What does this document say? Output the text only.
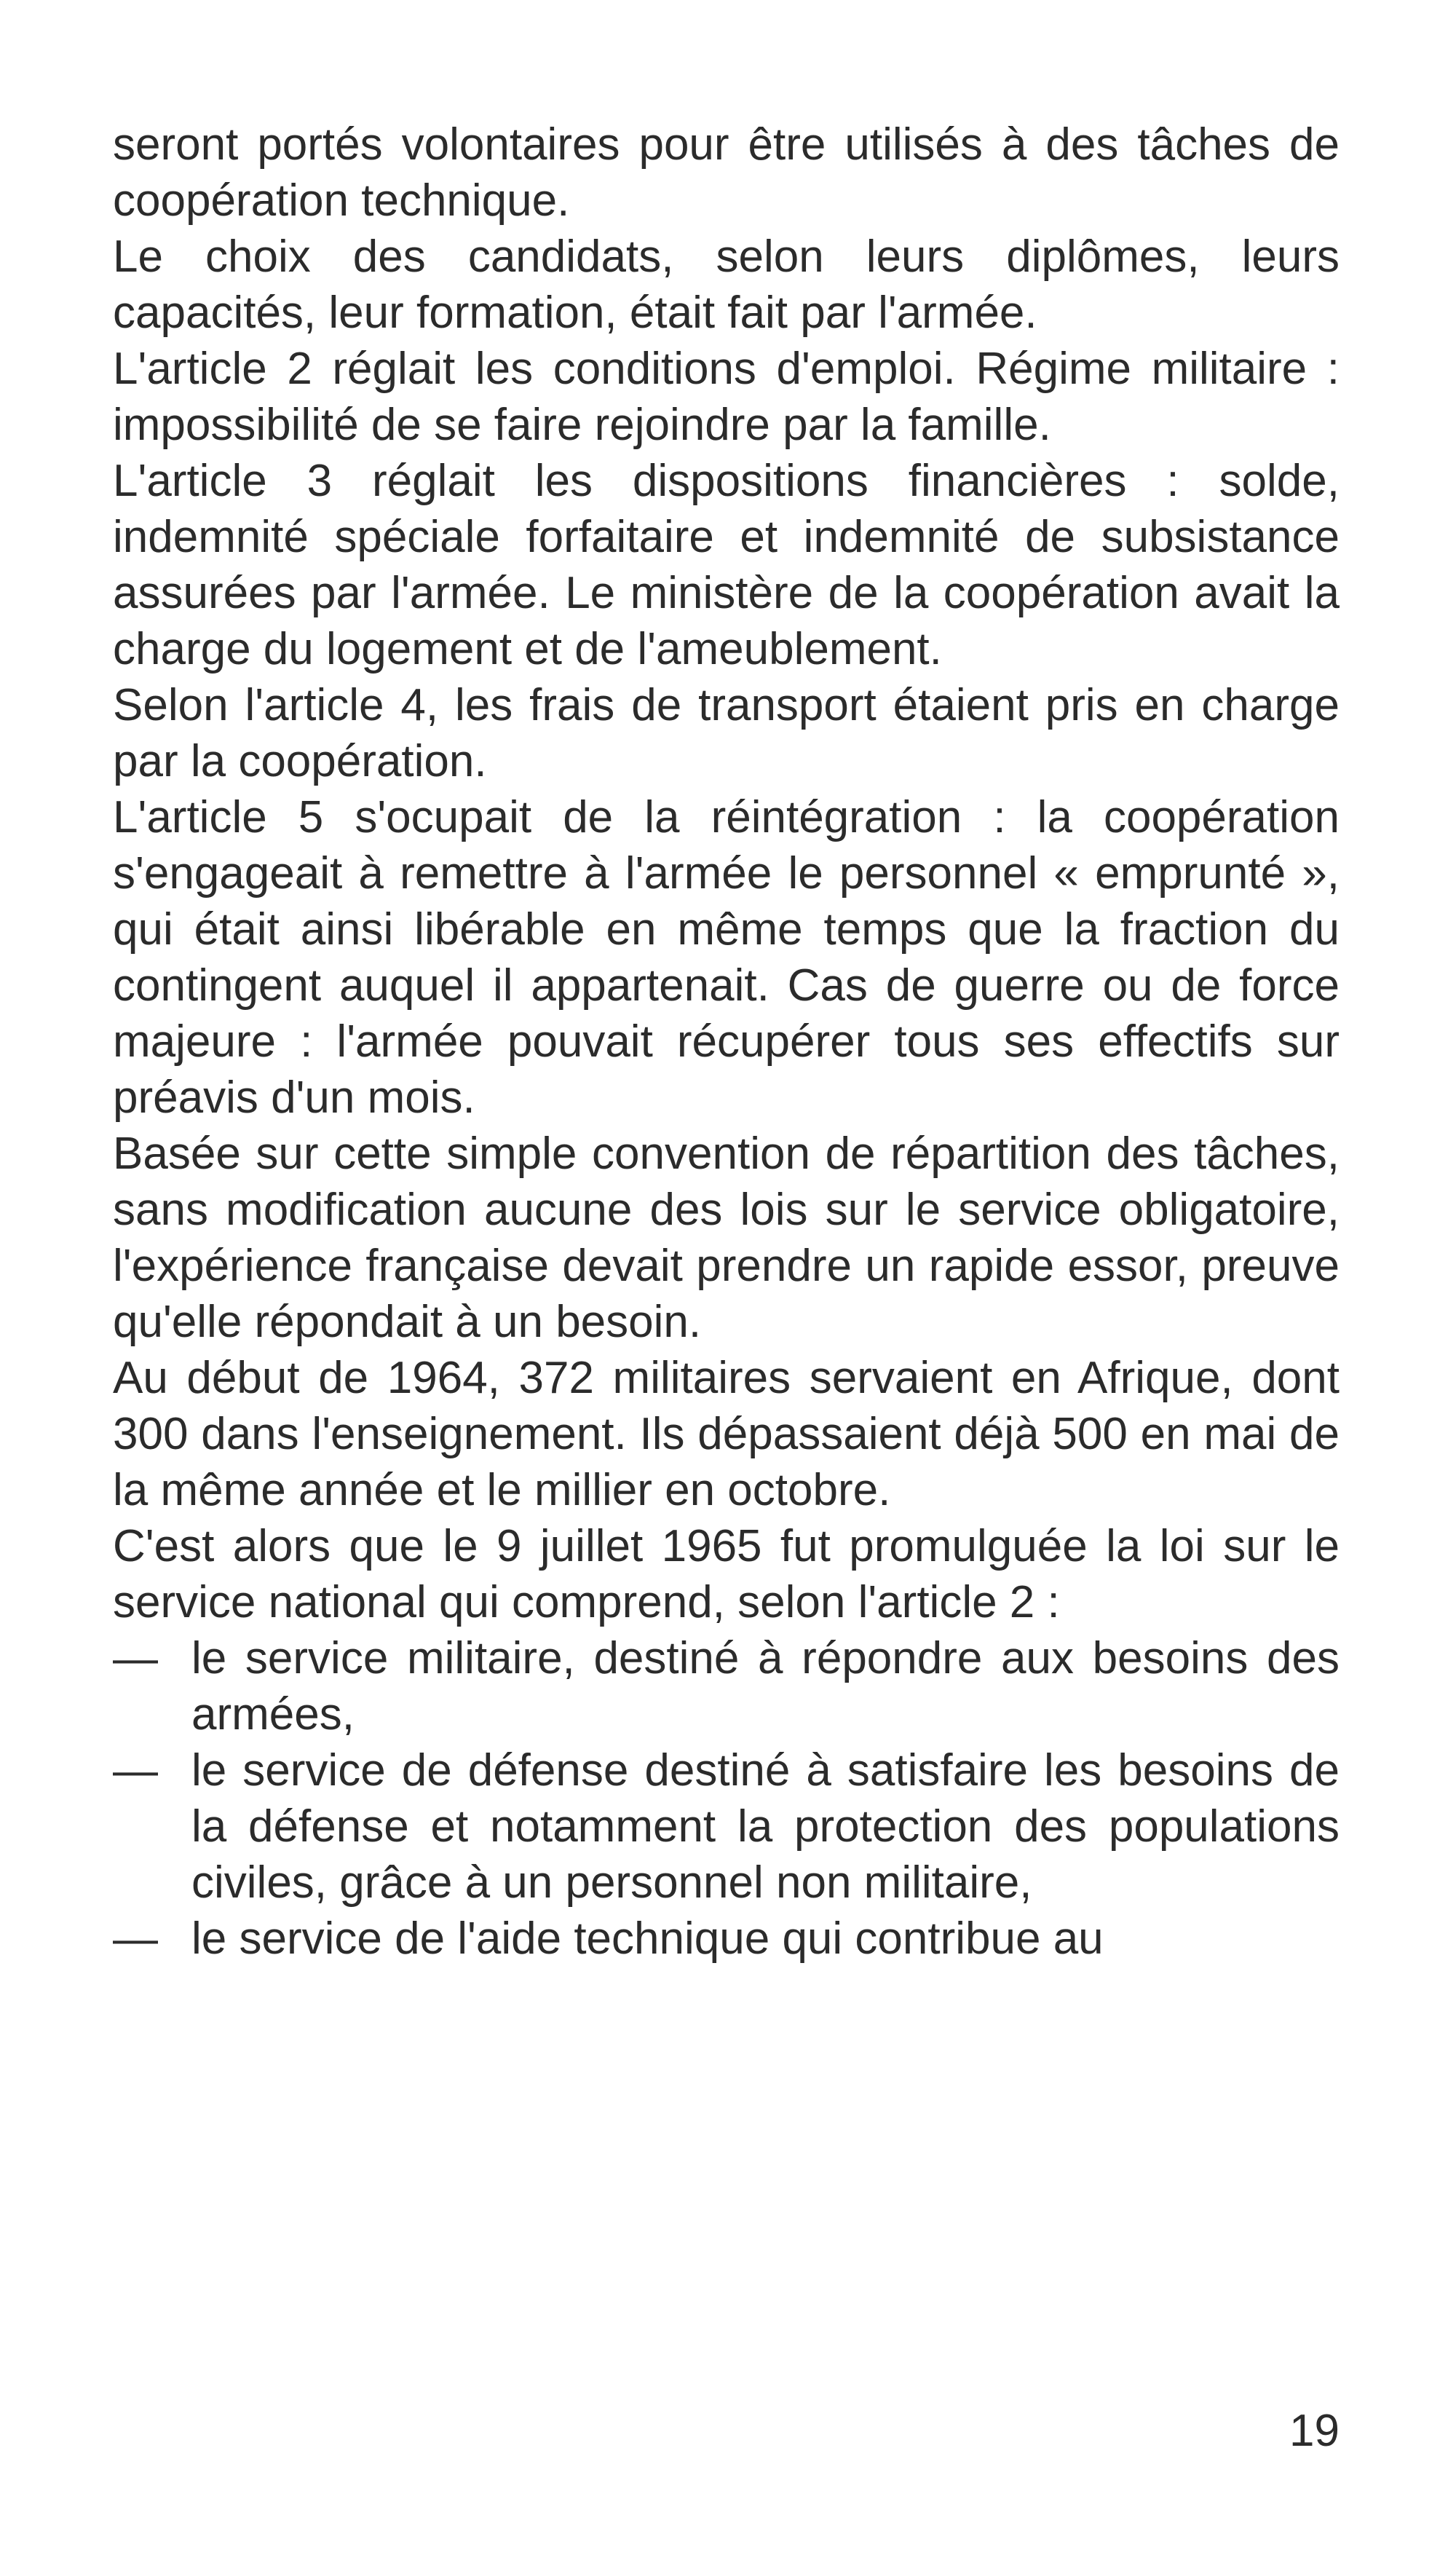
seront portés volontaires pour être utilisés à des tâches de coopération technique.

Le choix des candidats, selon leurs diplômes, leurs capacités, leur formation, était fait par l'armée.

L'article 2 réglait les conditions d'emploi. Régime militaire : impossibilité de se faire rejoindre par la famille.

L'article 3 réglait les dispositions financières : solde, indemnité spéciale forfaitaire et indemnité de subsistance assurées par l'armée. Le ministère de la coopération avait la charge du logement et de l'ameublement.

Selon l'article 4, les frais de transport étaient pris en charge par la coopération.

L'article 5 s'ocupait de la réintégration : la coopération s'engageait à remettre à l'armée le personnel « emprunté », qui était ainsi libérable en même temps que la fraction du contingent auquel il appartenait. Cas de guerre ou de force majeure : l'armée pouvait récupérer tous ses effectifs sur préavis d'un mois.

Basée sur cette simple convention de répartition des tâches, sans modification aucune des lois sur le service obligatoire, l'expérience française devait prendre un rapide essor, preuve qu'elle répondait à un besoin.

Au début de 1964, 372 militaires servaient en Afrique, dont 300 dans l'enseignement. Ils dépassaient déjà 500 en mai de la même année et le millier en octobre.

C'est alors que le 9 juillet 1965 fut promulguée la loi sur le service national qui comprend, selon l'article 2 :

— le service militaire, destiné à répondre aux besoins des armées,
— le service de défense destiné à satisfaire les besoins de la défense et notamment la protection des populations civiles, grâce à un personnel non militaire,
— le service de l'aide technique qui contribue au
19
